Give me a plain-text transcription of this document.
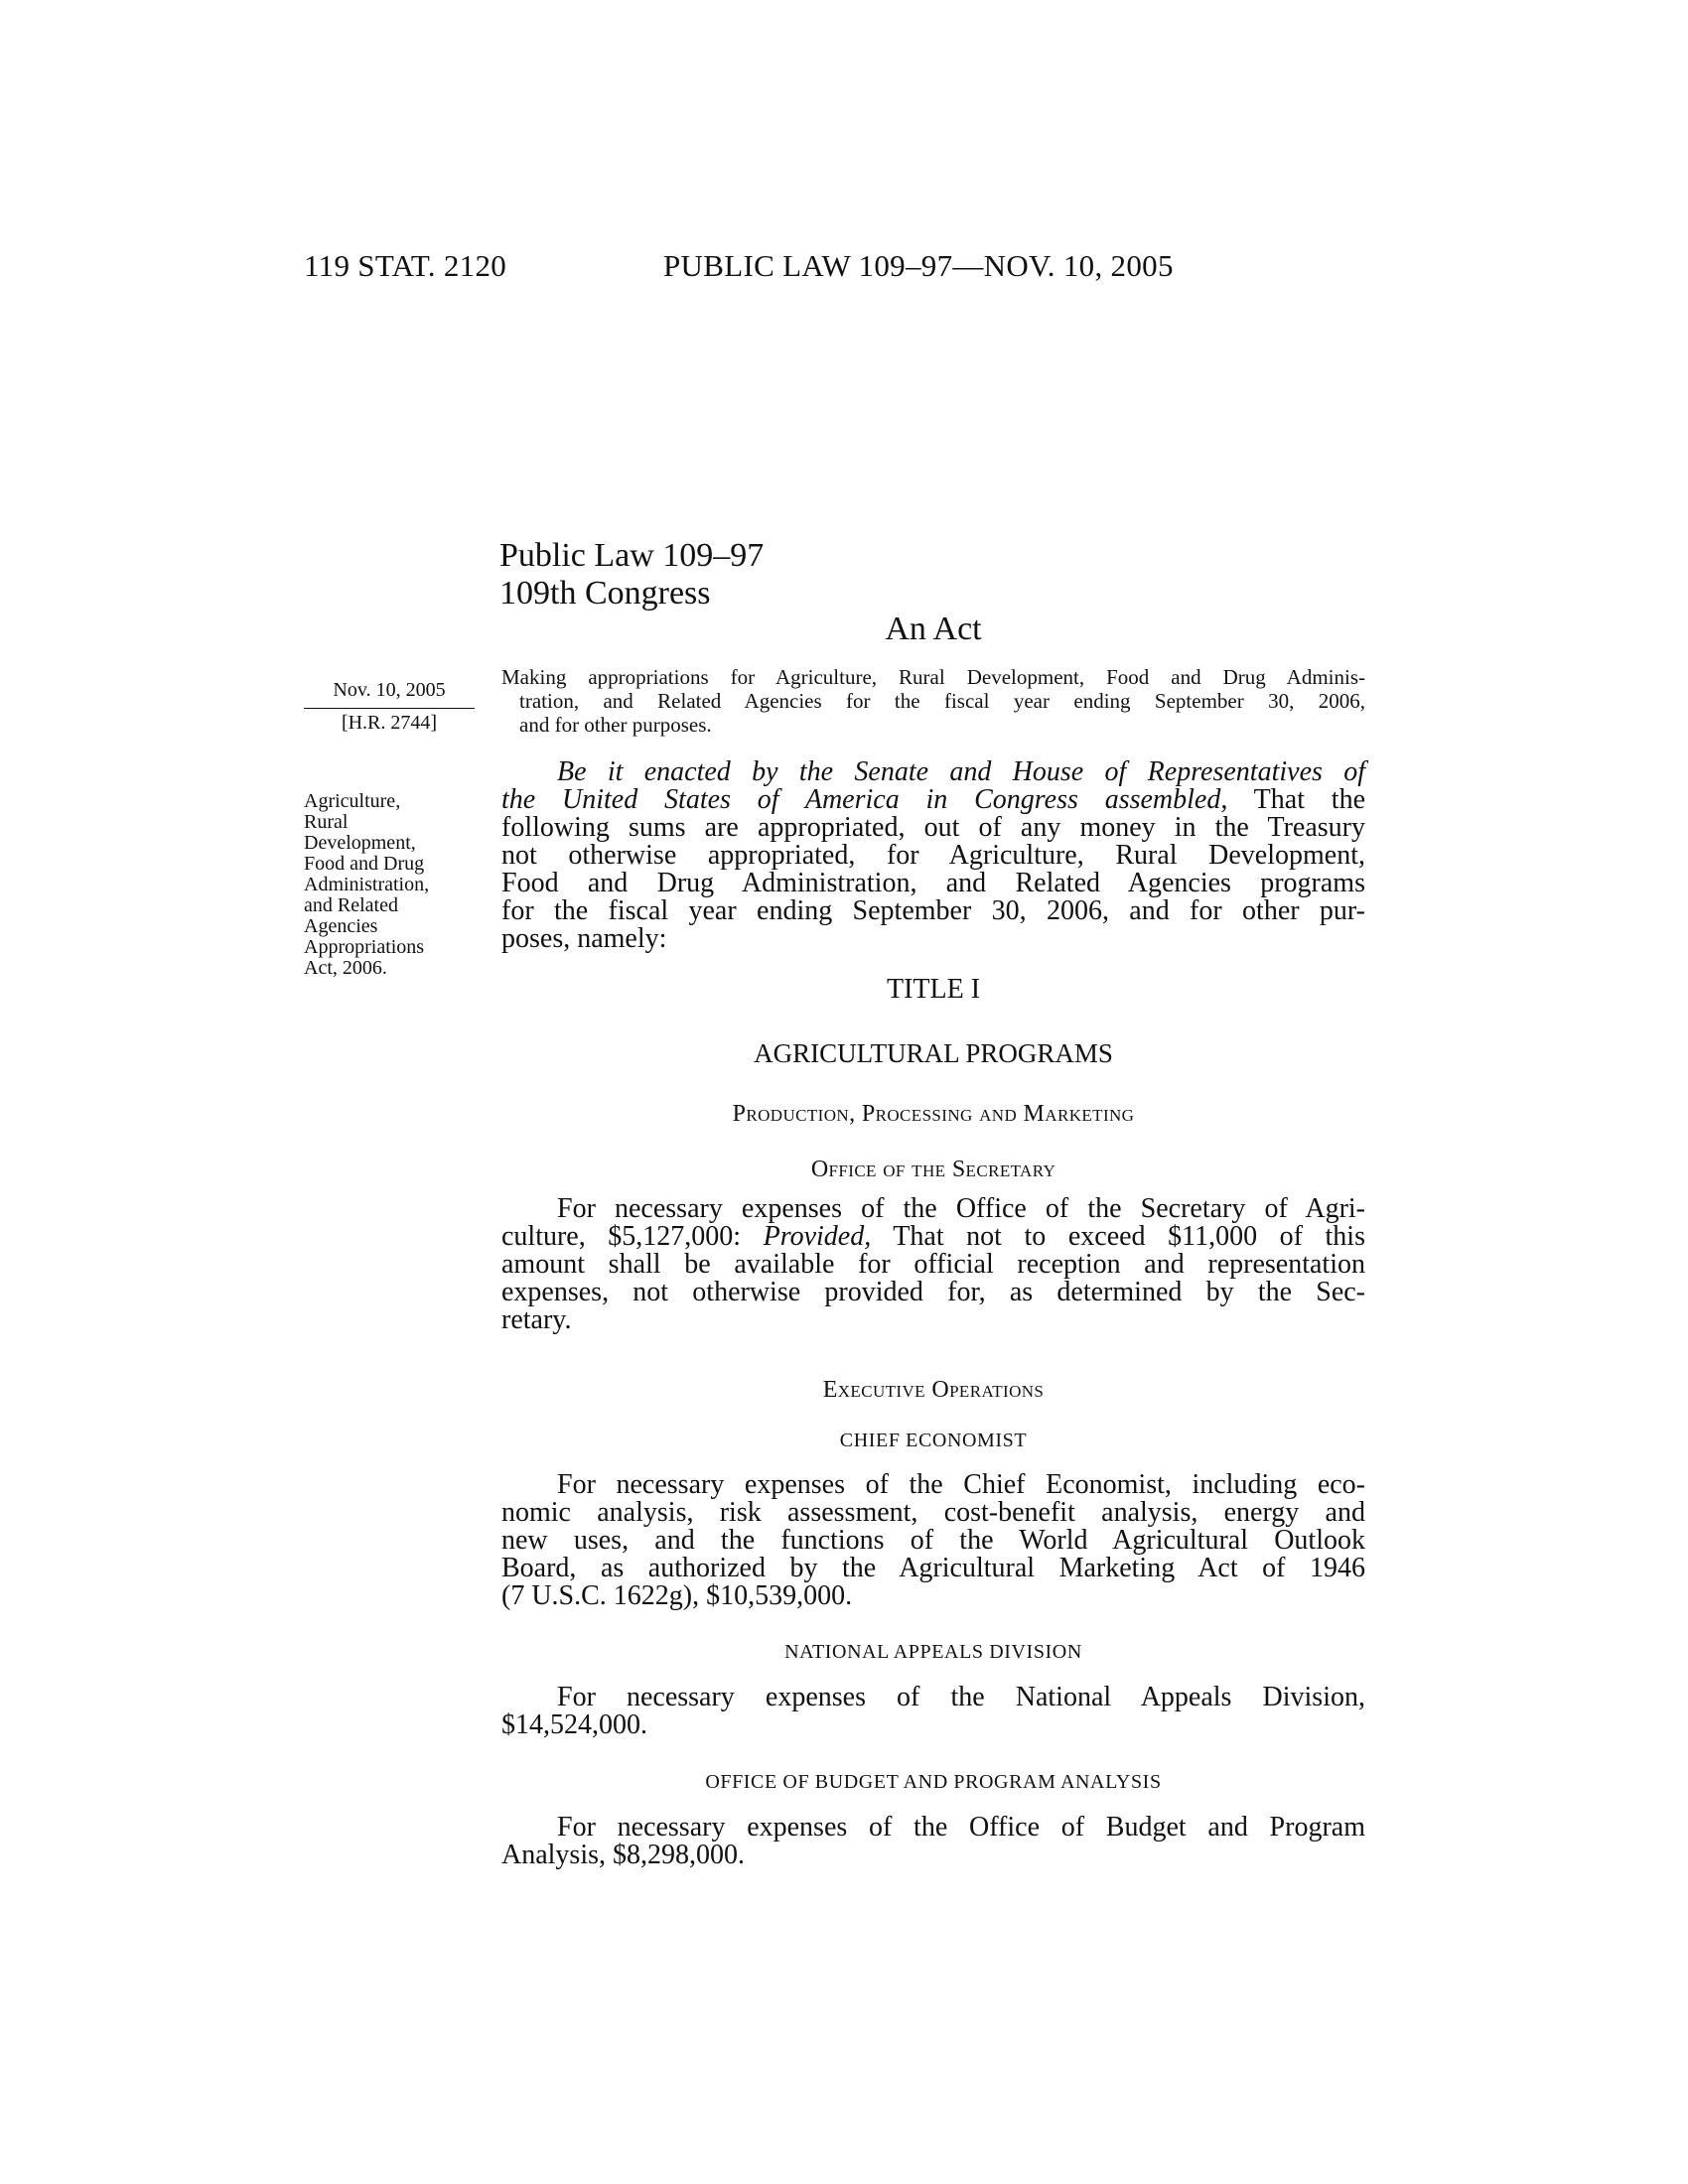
119 STAT. 2120	PUBLIC LAW 109–97—NOV. 10, 2005
Public Law 109–97
109th Congress
An Act
Nov. 10, 2005
[H.R. 2744]
Agriculture,
Rural
Development,
Food and Drug
Administration,
and Related
Agencies
Appropriations
Act, 2006.
Making appropriations for Agriculture, Rural Development, Food and Drug Adminis-
tration, and Related Agencies for the fiscal year ending September 30, 2006,
and for other purposes.
Be it enacted by the Senate and House of Representatives of
the United States of America in Congress assembled, That the
following sums are appropriated, out of any money in the Treasury
not otherwise appropriated, for Agriculture, Rural Development,
Food and Drug Administration, and Related Agencies programs
for the fiscal year ending September 30, 2006, and for other pur-
poses, namely:
TITLE I
AGRICULTURAL PROGRAMS
Production, Processing and Marketing
Office of the Secretary
For necessary expenses of the Office of the Secretary of Agri-
culture, $5,127,000: Provided, That not to exceed $11,000 of this
amount shall be available for official reception and representation
expenses, not otherwise provided for, as determined by the Sec-
retary.
Executive Operations
CHIEF ECONOMIST
For necessary expenses of the Chief Economist, including eco-
nomic analysis, risk assessment, cost-benefit analysis, energy and
new uses, and the functions of the World Agricultural Outlook
Board, as authorized by the Agricultural Marketing Act of 1946
(7 U.S.C. 1622g), $10,539,000.
NATIONAL APPEALS DIVISION
For necessary expenses of the National Appeals Division,
$14,524,000.
OFFICE OF BUDGET AND PROGRAM ANALYSIS
For necessary expenses of the Office of Budget and Program
Analysis, $8,298,000.
